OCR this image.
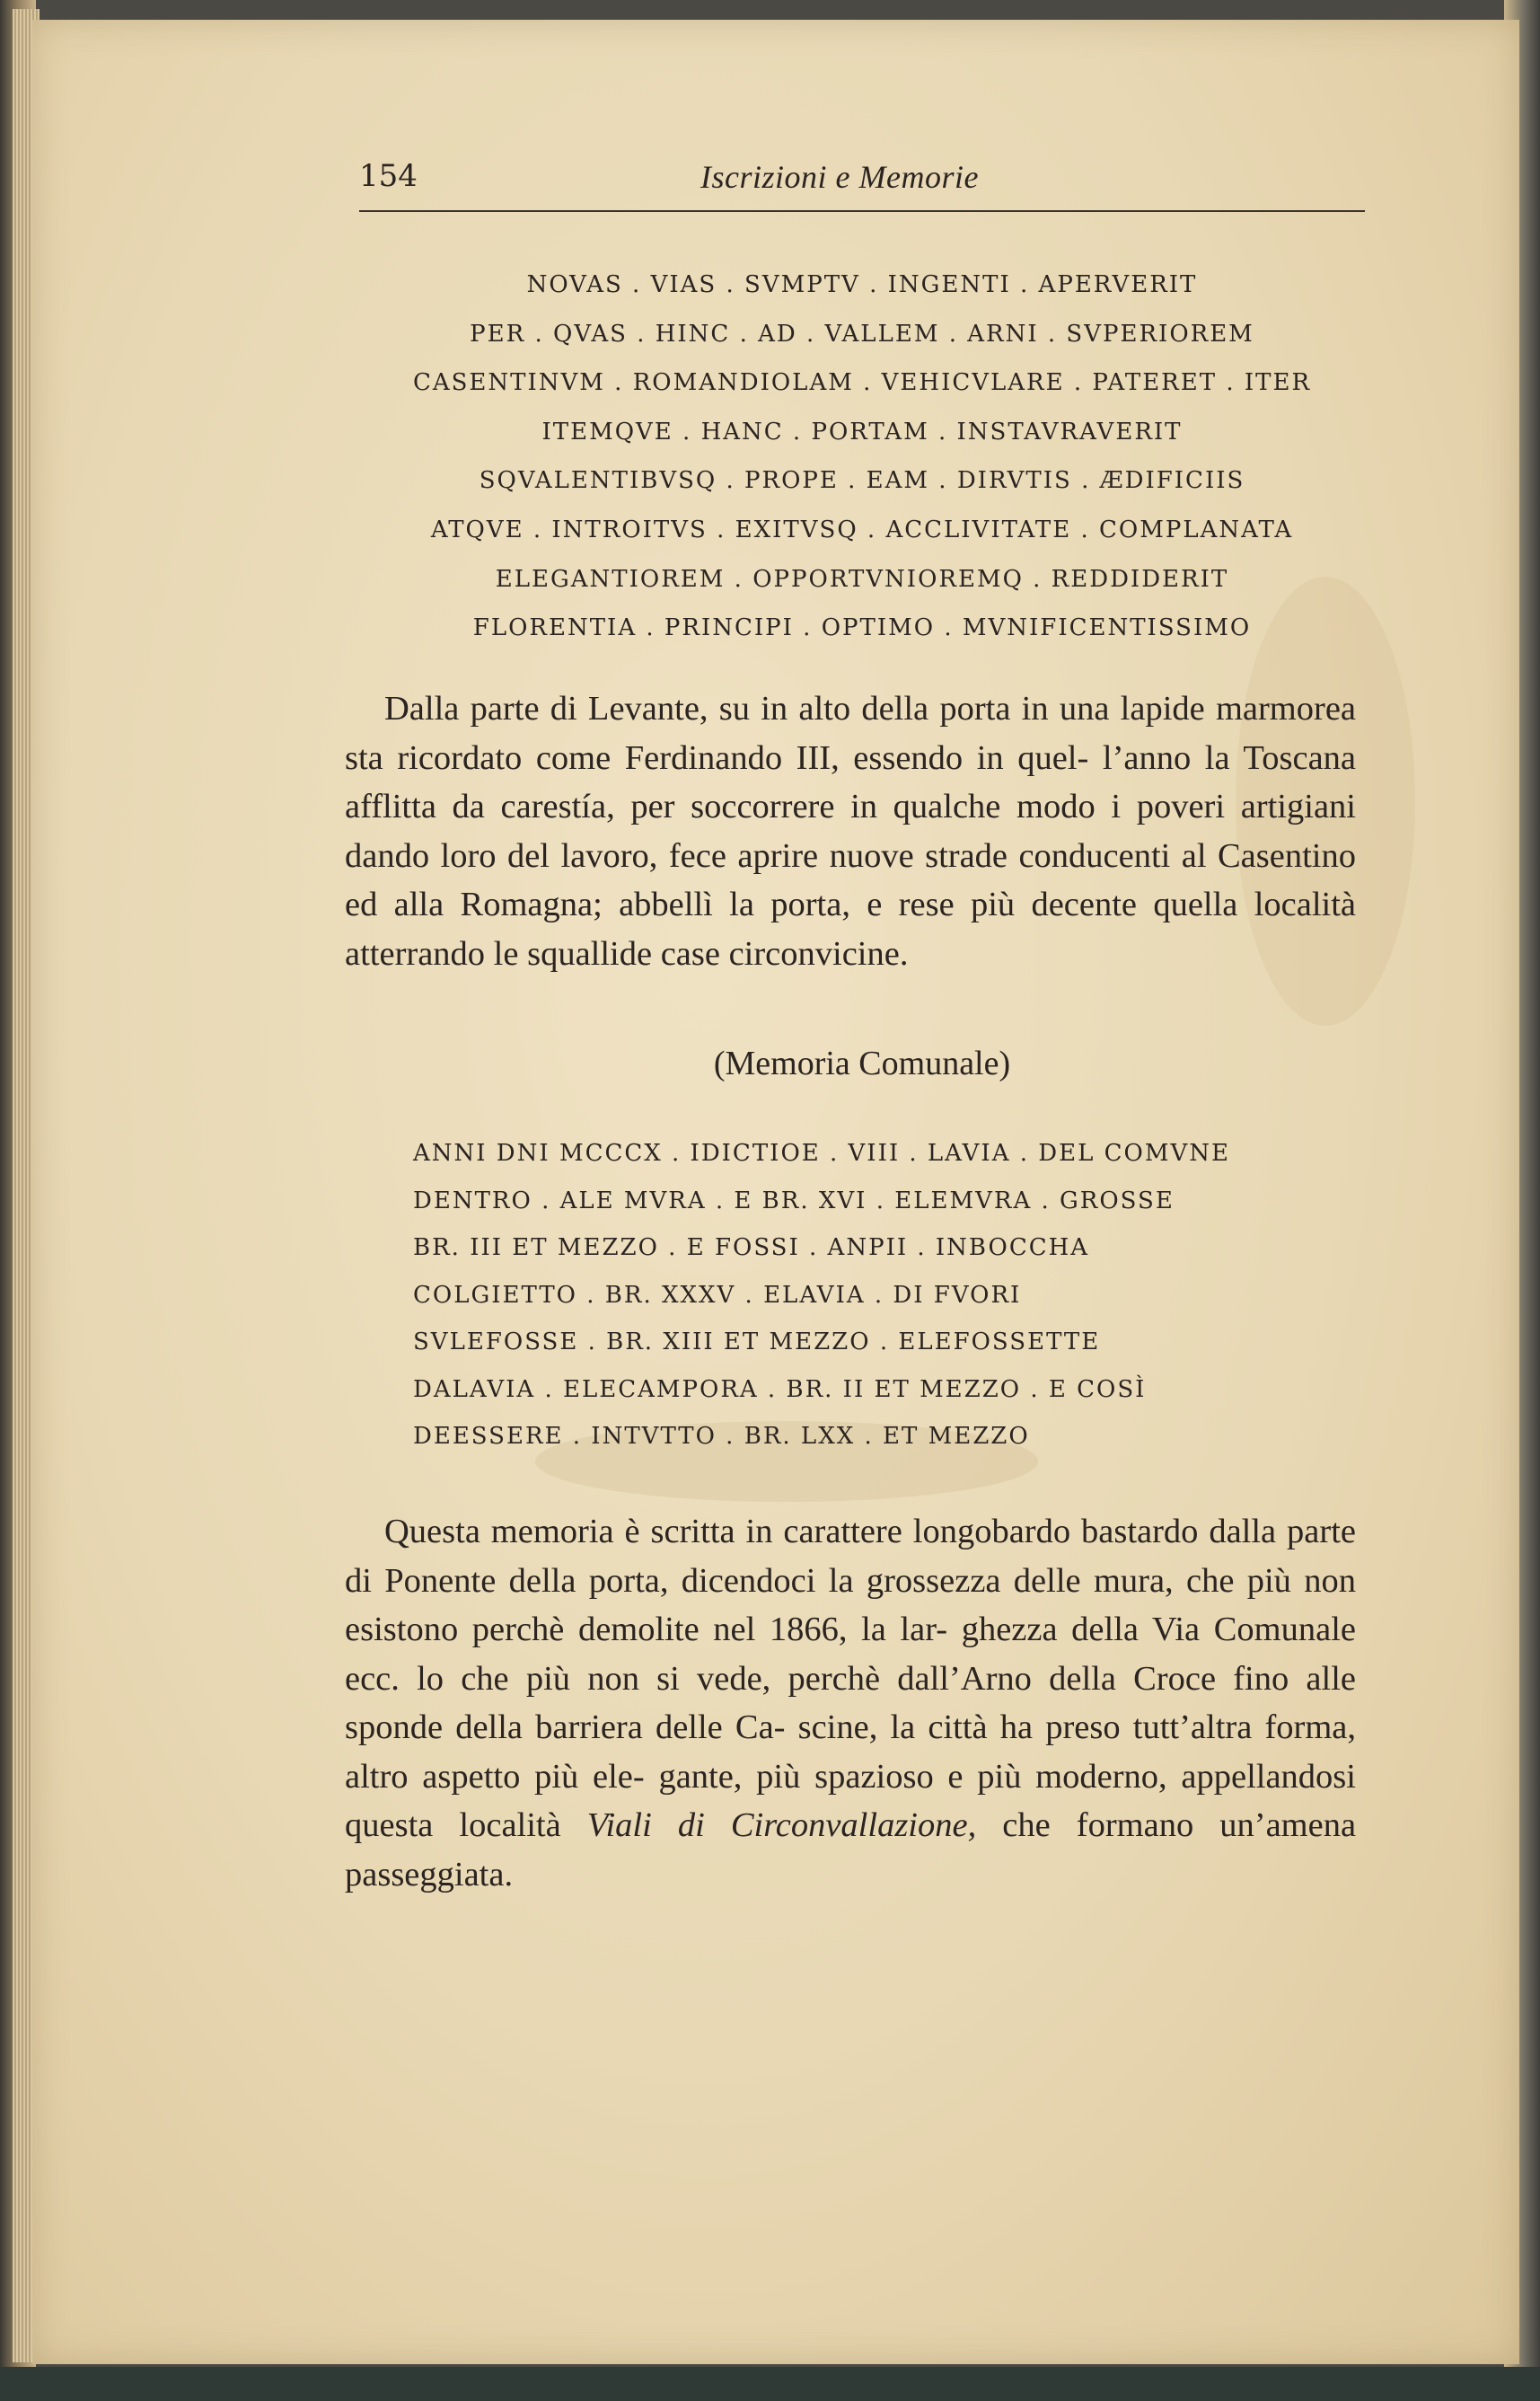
154	Iscrizioni e Memorie
NOVAS . VIAS . SVMPTV . INGENTI . APERVERIT
PER . QVAS . HINC . AD . VALLEM . ARNI . SVPERIOREM
CASENTINVM . ROMANDIOLAM . VEHICVLARE . PATERET . ITER
ITEMQVE . HANC . PORTAM . INSTAVRAVERIT
SQVALENTIBVSQ . PROPE . EAM . DIRVTIS . ÆDIFICIIS
ATQVE . INTROITVS . EXITVSQ . ACCLIVITATE . COMPLANATA
ELEGANTIOREM . OPPORTVNIOREMQ . REDDIDERIT
FLORENTIA . PRINCIPI . OPTIMO . MVNIFICENTISSIMO

Dalla parte di Levante, su in alto della porta in una lapide marmorea sta ricordato come Ferdinando III, essendo in quel- l’anno la Toscana afflitta da carestía, per soccorrere in qualche modo i poveri artigiani dando loro del lavoro, fece aprire nuove strade conducenti al Casentino ed alla Romagna; abbellì la porta, e rese più decente quella località atterrando le squallide case circonvicine.

(Memoria Comunale)
ANNI DNI MCCCX . IDICTIOE . VIII . LAVIA . DEL COMVNE
DENTRO . ALE MVRA . E BR. XVI . ELEMVRA . GROSSE
BR. III ET MEZZO . E FOSSI . ANPII . INBOCCHA
COLGIETTO . BR. XXXV . ELAVIA . DI FVORI
SVLEFOSSE . BR. XIII ET MEZZO . ELEFOSSETTE
DALAVIA . ELECAMPORA . BR. II ET MEZZO . E COSÌ
DEESSERE . INTVTTO . BR. LXX . ET MEZZO

Questa memoria è scritta in carattere longobardo bastardo dalla parte di Ponente della porta, dicendoci la grossezza delle mura, che più non esistono perchè demolite nel 1866, la lar- ghezza della Via Comunale ecc. lo che più non si vede, perchè dall’Arno della Croce fino alle sponde della barriera delle Ca- scine, la città ha preso tutt’altra forma, altro aspetto più ele- gante, più spazioso e più moderno, appellandosi questa località Viali di Circonvallazione, che formano un’amena passeggiata.
